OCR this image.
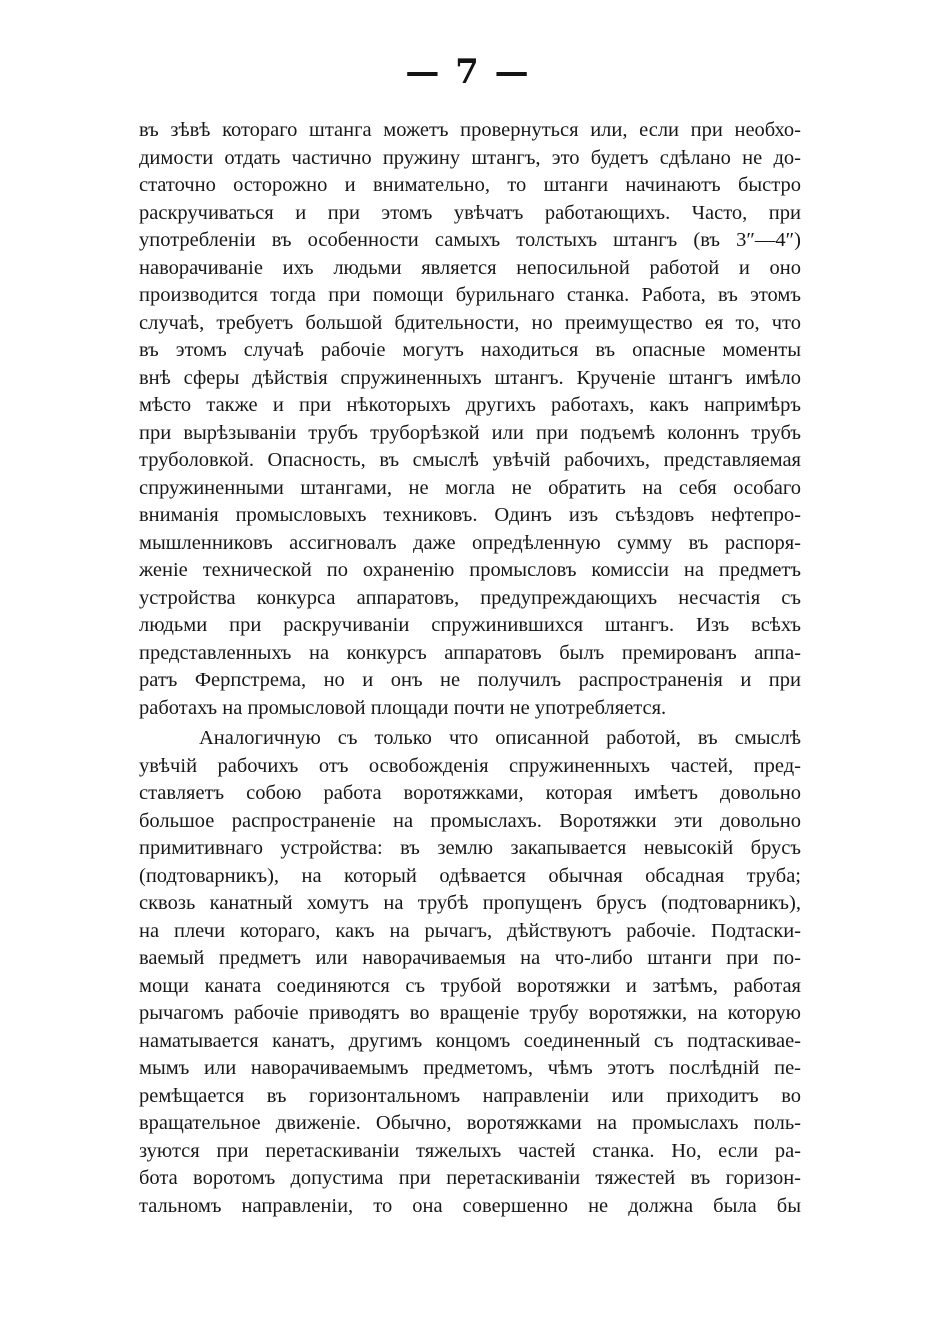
— 7 —
въ зѣвѣ котораго штанга можетъ провернуться или, если при необхо-
димости отдать частично пружину штангъ, это будетъ сдѣлано не до-
статочно осторожно и внимательно, то штанги начинаютъ быстро
раскручиваться и при этомъ увѣчатъ работающихъ. Часто, при
употребленіи въ особенности самыхъ толстыхъ штангъ (въ 3″—4″)
наворачиваніе ихъ людьми является непосильной работой и оно
производится тогда при помощи бурильнаго станка. Работа, въ этомъ
случаѣ, требуетъ большой бдительности, но преимущество ея то, что
въ этомъ случаѣ рабочіе могутъ находиться въ опасные моменты
внѣ сферы дѣйствія спружиненныхъ штангъ. Крученіе штангъ имѣло
мѣсто также и при нѣкоторыхъ другихъ работахъ, какъ напримѣръ
при вырѣзываніи трубъ труборѣзкой или при подъемѣ колоннъ трубъ
труболовкой. Опасность, въ смыслѣ увѣчій рабочихъ, представляемая
спружиненными штангами, не могла не обратить на себя особаго
вниманія промысловыхъ техниковъ. Одинъ изъ съѣздовъ нефтепро-
мышленниковъ ассигновалъ даже опредѣленную сумму въ распоря-
женіе технической по охраненію промысловъ комиссіи на предметъ
устройства конкурса аппаратовъ, предупреждающихъ несчастія съ
людьми при раскручиваніи спружинившихся штангъ. Изъ всѣхъ
представленныхъ на конкурсъ аппаратовъ былъ премированъ аппа-
ратъ Ферпстрема, но и онъ не получилъ распространенія и при
работахъ на промысловой площади почти не употребляется.
Аналогичную съ только что описанной работой, въ смыслѣ
увѣчій рабочихъ отъ освобожденія спружиненныхъ частей, пред-
ставляетъ собою работа воротяжками, которая имѣетъ довольно
большое распространеніе на промыслахъ. Воротяжки эти довольно
примитивнаго устройства: въ землю закапывается невысокій брусъ
(подтоварникъ), на который одѣвается обычная обсадная труба;
сквозь канатный хомутъ на трубѣ пропущенъ брусъ (подтоварникъ),
на плечи котораго, какъ на рычагъ, дѣйствуютъ рабочіе. Подтаски-
ваемый предметъ или наворачиваемыя на что-либо штанги при по-
мощи каната соединяются съ трубой воротяжки и затѣмъ, работая
рычагомъ рабочіе приводятъ во вращеніе трубу воротяжки, на которую
наматывается канатъ, другимъ концомъ соединенный съ подтаскивае-
мымъ или наворачиваемымъ предметомъ, чѣмъ этотъ послѣдній пе-
ремѣщается въ горизонтальномъ направленіи или приходитъ во
вращательное движеніе. Обычно, воротяжками на промыслахъ поль-
зуются при перетаскиваніи тяжелыхъ частей станка. Но, если ра-
бота воротомъ допустима при перетаскиваніи тяжестей въ горизон-
тальномъ направленіи, то она совершенно не должна была бы
